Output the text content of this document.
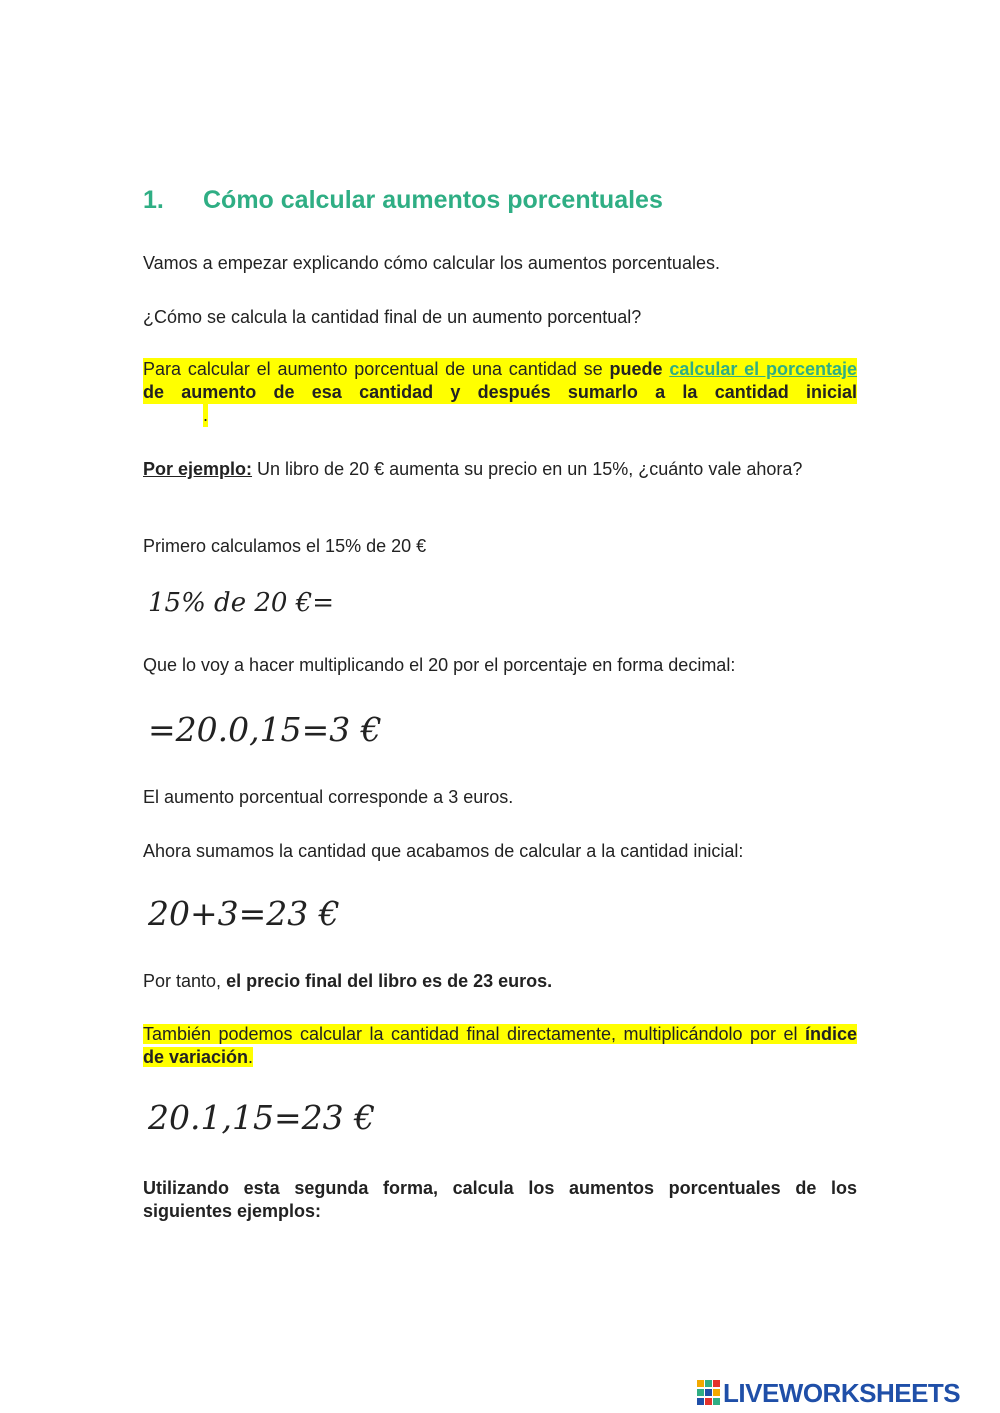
1. Cómo calcular aumentos porcentuales
Vamos a empezar explicando cómo calcular los aumentos porcentuales.
¿Cómo se calcula la cantidad final de un aumento porcentual?
Para calcular el aumento porcentual de una cantidad se puede calcular el porcentaje de aumento de esa cantidad y después sumarlo a la cantidad inicial
.
Por ejemplo: Un libro de 20 € aumenta su precio en un 15%, ¿cuánto vale ahora?
Primero calculamos el 15% de 20 €
15% de 20 €=
Que lo voy a hacer multiplicando el 20 por el porcentaje en forma decimal:
=20.0,15=3 €
El aumento porcentual corresponde a 3 euros.
Ahora sumamos la cantidad que acabamos de calcular a la cantidad inicial:
20+3=23 €
Por tanto, el precio final del libro es de 23 euros.
También podemos calcular la cantidad final directamente, multiplicándolo por el índice de variación.
20.1,15=23 €
Utilizando esta segunda forma, calcula los aumentos porcentuales de los siguientes ejemplos:
LIVEWORKSHEETS
